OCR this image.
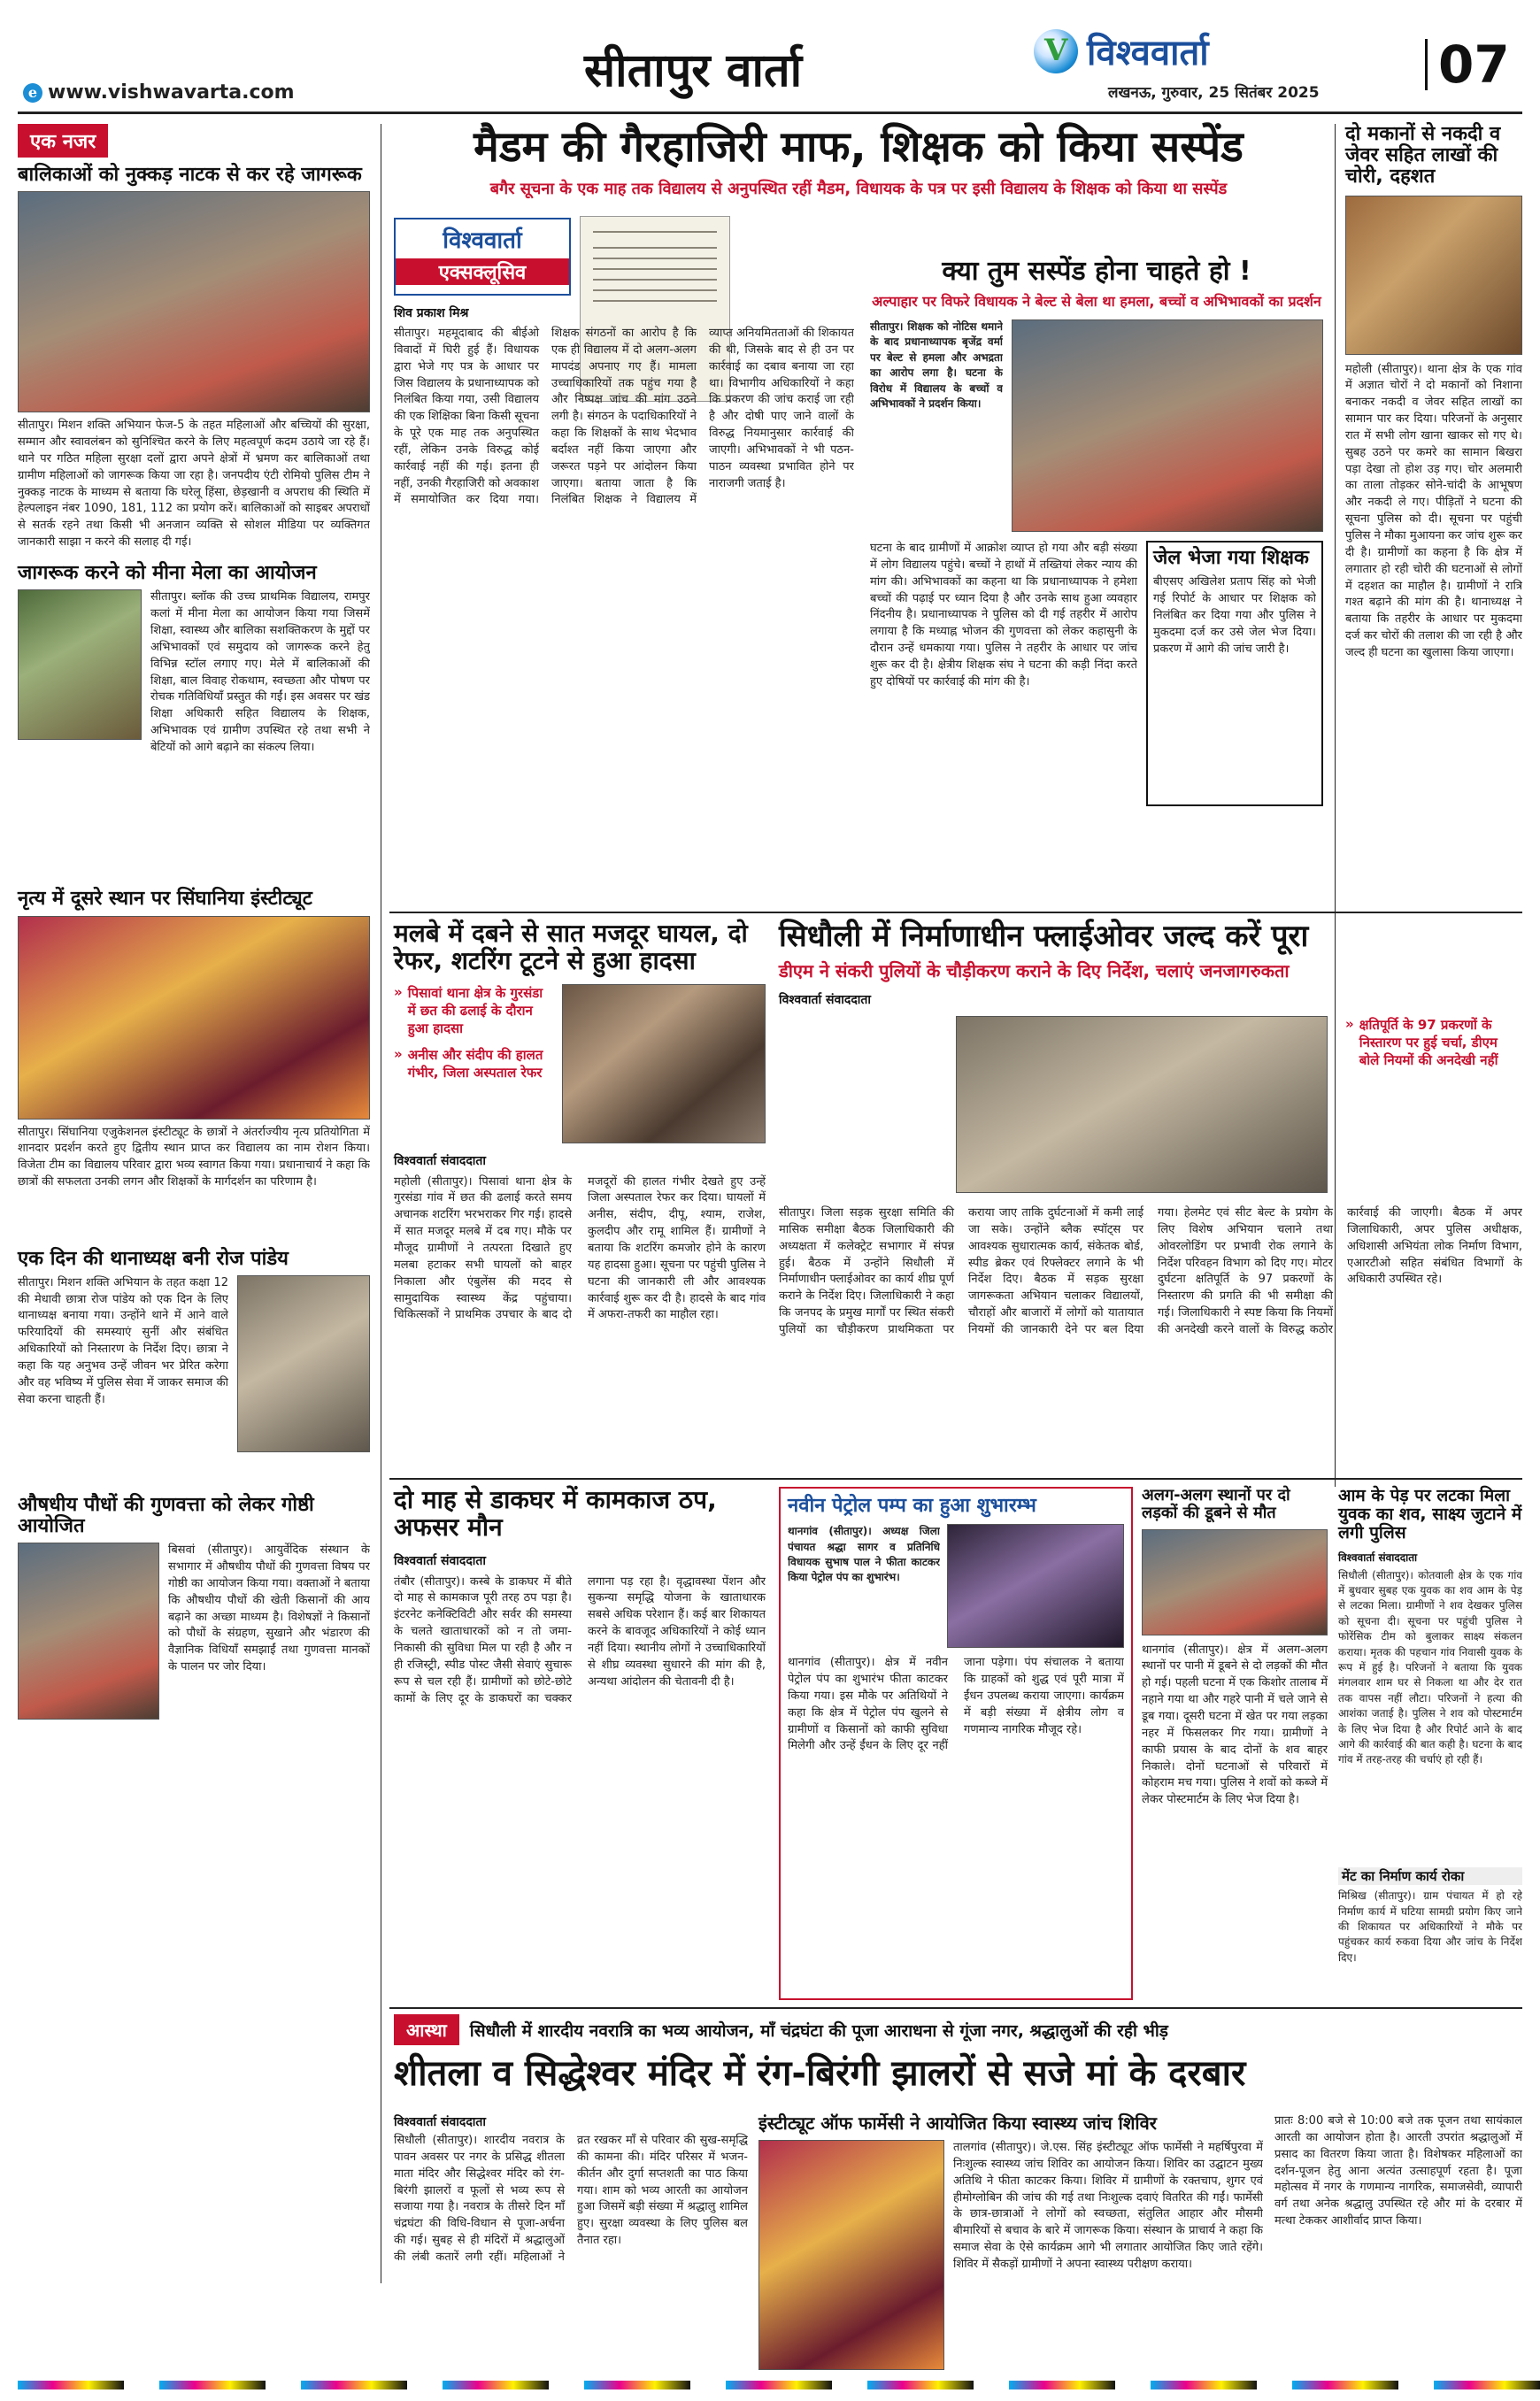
e www.vishwavarta.com	सीतापुर वार्ता	V विश्ववार्ता
लखनऊ, गुरुवार, 25 सितंबर 2025 07
एक नजर
बालिकाओं को नुक्कड़ नाटक से कर रहे जागरूक
सीतापुर। मिशन शक्ति अभियान फेज-5 के तहत महिलाओं और बच्चियों की सुरक्षा, सम्मान और स्वावलंबन को सुनिश्चित करने के लिए महत्वपूर्ण कदम उठाये जा रहे हैं। थाने पर गठित महिला सुरक्षा दलों द्वारा अपने क्षेत्रों में भ्रमण कर बालिकाओं तथा ग्रामीण महिलाओं को जागरूक किया जा रहा है। जनपदीय एंटी रोमियो पुलिस टीम ने नुक्कड़ नाटक के माध्यम से बताया कि घरेलू हिंसा, छेड़खानी व अपराध की स्थिति में हेल्पलाइन नंबर 1090, 181, 112 का प्रयोग करें। बालिकाओं को साइबर अपराधों से सतर्क रहने तथा किसी भी अनजान व्यक्ति से सोशल मीडिया पर व्यक्तिगत जानकारी साझा न करने की सलाह दी गई।
जागरूक करने को मीना मेला का आयोजन
सीतापुर। ब्लॉक की उच्च प्राथमिक विद्यालय, रामपुर कलां में मीना मेला का आयोजन किया गया जिसमें शिक्षा, स्वास्थ्य और बालिका सशक्तिकरण के मुद्दों पर अभिभावकों एवं समुदाय को जागरूक करने हेतु विभिन्न स्टॉल लगाए गए। मेले में बालिकाओं की शिक्षा, बाल विवाह रोकथाम, स्वच्छता और पोषण पर रोचक गतिविधियाँ प्रस्तुत की गईं। इस अवसर पर खंड शिक्षा अधिकारी सहित विद्यालय के शिक्षक, अभिभावक एवं ग्रामीण उपस्थित रहे तथा सभी ने बेटियों को आगे बढ़ाने का संकल्प लिया।
नृत्य में दूसरे स्थान पर सिंघानिया इंस्टीट्यूट
सीतापुर। सिंघानिया एजुकेशनल इंस्टीट्यूट के छात्रों ने अंतर्राज्यीय नृत्य प्रतियोगिता में शानदार प्रदर्शन करते हुए द्वितीय स्थान प्राप्त कर विद्यालय का नाम रोशन किया। विजेता टीम का विद्यालय परिवार द्वारा भव्य स्वागत किया गया। प्रधानाचार्य ने कहा कि छात्रों की सफलता उनकी लगन और शिक्षकों के मार्गदर्शन का परिणाम है।
एक दिन की थानाध्यक्ष बनी रोज पांडेय
सीतापुर। मिशन शक्ति अभियान के तहत कक्षा 12 की मेधावी छात्रा रोज पांडेय को एक दिन के लिए थानाध्यक्ष बनाया गया। उन्होंने थाने में आने वाले फरियादियों की समस्याएं सुनीं और संबंधित अधिकारियों को निस्तारण के निर्देश दिए। छात्रा ने कहा कि यह अनुभव उन्हें जीवन भर प्रेरित करेगा और वह भविष्य में पुलिस सेवा में जाकर समाज की सेवा करना चाहती हैं।
औषधीय पौधों की गुणवत्ता को लेकर गोष्ठी आयोजित
बिसवां (सीतापुर)। आयुर्वेदिक संस्थान के सभागार में औषधीय पौधों की गुणवत्ता विषय पर गोष्ठी का आयोजन किया गया। वक्ताओं ने बताया कि औषधीय पौधों की खेती किसानों की आय बढ़ाने का अच्छा माध्यम है। विशेषज्ञों ने किसानों को पौधों के संग्रहण, सुखाने और भंडारण की वैज्ञानिक विधियाँ समझाईं तथा गुणवत्ता मानकों के पालन पर जोर दिया।
मैडम की गैरहाजिरी माफ, शिक्षक को किया सस्पेंड
बगैर सूचना के एक माह तक विद्यालय से अनुपस्थित रहीं मैडम, विधायक के पत्र पर इसी विद्यालय के शिक्षक को किया था सस्पेंड
विश्ववार्ता
एक्सक्लूसिव
शिव प्रकाश मिश्र
सीतापुर। महमूदाबाद की बीईओ विवादों में घिरी हुई हैं। विधायक द्वारा भेजे गए पत्र के आधार पर जिस विद्यालय के प्रधानाध्यापक को निलंबित किया गया, उसी विद्यालय की एक शिक्षिका बिना किसी सूचना के पूरे एक माह तक अनुपस्थित रहीं, लेकिन उनके विरुद्ध कोई कार्रवाई नहीं की गई। इतना ही नहीं, उनकी गैरहाजिरी को अवकाश में समायोजित कर दिया गया। शिक्षक संगठनों का आरोप है कि एक ही विद्यालय में दो अलग-अलग मापदंड अपनाए गए हैं। मामला उच्चाधिकारियों तक पहुंच गया है और निष्पक्ष जांच की मांग उठने लगी है। संगठन के पदाधिकारियों ने कहा कि शिक्षकों के साथ भेदभाव बर्दाश्त नहीं किया जाएगा और जरूरत पड़ने पर आंदोलन किया जाएगा। बताया जाता है कि निलंबित शिक्षक ने विद्यालय में व्याप्त अनियमितताओं की शिकायत की थी, जिसके बाद से ही उन पर कार्रवाई का दबाव बनाया जा रहा था। विभागीय अधिकारियों ने कहा कि प्रकरण की जांच कराई जा रही है और दोषी पाए जाने वालों के विरुद्ध नियमानुसार कार्रवाई की जाएगी। अभिभावकों ने भी पठन-पाठन व्यवस्था प्रभावित होने पर नाराजगी जताई है।
क्या तुम सस्पेंड होना चाहते हो !
अल्पाहार पर विफरे विधायक ने बेल्ट से बेला था हमला, बच्चों व अभिभावकों का प्रदर्शन
सीतापुर। शिक्षक को नोटिस थमाने के बाद प्रधानाध्यापक बृजेंद्र वर्मा पर बेल्ट से हमला और अभद्रता का आरोप लगा है। घटना के विरोध में विद्यालय के बच्चों व अभिभावकों ने प्रदर्शन किया।
घटना के बाद ग्रामीणों में आक्रोश व्याप्त हो गया और बड़ी संख्या में लोग विद्यालय पहुंचे। बच्चों ने हाथों में तख्तियां लेकर न्याय की मांग की। अभिभावकों का कहना था कि प्रधानाध्यापक ने हमेशा बच्चों की पढ़ाई पर ध्यान दिया है और उनके साथ हुआ व्यवहार निंदनीय है। प्रधानाध्यापक ने पुलिस को दी गई तहरीर में आरोप लगाया है कि मध्याह्न भोजन की गुणवत्ता को लेकर कहासुनी के दौरान उन्हें धमकाया गया। पुलिस ने तहरीर के आधार पर जांच शुरू कर दी है। क्षेत्रीय शिक्षक संघ ने घटना की कड़ी निंदा करते हुए दोषियों पर कार्रवाई की मांग की है।
जेल भेजा गया शिक्षक
बीएसए अखिलेश प्रताप सिंह को भेजी गई रिपोर्ट के आधार पर शिक्षक को निलंबित कर दिया गया और पुलिस ने मुकदमा दर्ज कर उसे जेल भेज दिया। प्रकरण में आगे की जांच जारी है।
दो मकानों से नकदी व जेवर सहित लाखों की चोरी, दहशत
महोली (सीतापुर)। थाना क्षेत्र के एक गांव में अज्ञात चोरों ने दो मकानों को निशाना बनाकर नकदी व जेवर सहित लाखों का सामान पार कर दिया। परिजनों के अनुसार रात में सभी लोग खाना खाकर सो गए थे। सुबह उठने पर कमरे का सामान बिखरा पड़ा देखा तो होश उड़ गए। चोर अलमारी का ताला तोड़कर सोने-चांदी के आभूषण और नकदी ले गए। पीड़ितों ने घटना की सूचना पुलिस को दी। सूचना पर पहुंची पुलिस ने मौका मुआयना कर जांच शुरू कर दी है। ग्रामीणों का कहना है कि क्षेत्र में लगातार हो रही चोरी की घटनाओं से लोगों में दहशत का माहौल है। ग्रामीणों ने रात्रि गश्त बढ़ाने की मांग की है। थानाध्यक्ष ने बताया कि तहरीर के आधार पर मुकदमा दर्ज कर चोरों की तलाश की जा रही है और जल्द ही घटना का खुलासा किया जाएगा।
मलबे में दबने से सात मजदूर घायल, दो रेफर, शटरिंग टूटने से हुआ हादसा
» पिसावां थाना क्षेत्र के गुरसंडा में छत की ढलाई के दौरान हुआ हादसा
» अनीस और संदीप की हालत गंभीर, जिला अस्पताल रेफर
विश्ववार्ता संवाददाता
महोली (सीतापुर)। पिसावां थाना क्षेत्र के गुरसंडा गांव में छत की ढलाई करते समय अचानक शटरिंग भरभराकर गिर गई। हादसे में सात मजदूर मलबे में दब गए। मौके पर मौजूद ग्रामीणों ने तत्परता दिखाते हुए मलबा हटाकर सभी घायलों को बाहर निकाला और एंबुलेंस की मदद से सामुदायिक स्वास्थ्य केंद्र पहुंचाया। चिकित्सकों ने प्राथमिक उपचार के बाद दो मजदूरों की हालत गंभीर देखते हुए उन्हें जिला अस्पताल रेफर कर दिया। घायलों में अनीस, संदीप, दीपू, श्याम, राजेश, कुलदीप और रामू शामिल हैं। ग्रामीणों ने बताया कि शटरिंग कमजोर होने के कारण यह हादसा हुआ। सूचना पर पहुंची पुलिस ने घटना की जानकारी ली और आवश्यक कार्रवाई शुरू कर दी है। हादसे के बाद गांव में अफरा-तफरी का माहौल रहा।
सिधौली में निर्माणाधीन फ्लाईओवर जल्द करें पूरा
डीएम ने संकरी पुलियों के चौड़ीकरण कराने के दिए निर्देश, चलाएं जनजागरुकता
विश्ववार्ता संवाददाता
» क्षतिपूर्ति के 97 प्रकरणों के निस्तारण पर हुई चर्चा, डीएम बोले नियमों की अनदेखी नहीं
सीतापुर। जिला सड़क सुरक्षा समिति की मासिक समीक्षा बैठक जिलाधिकारी की अध्यक्षता में कलेक्ट्रेट सभागार में संपन्न हुई। बैठक में उन्होंने सिधौली में निर्माणाधीन फ्लाईओवर का कार्य शीघ्र पूर्ण कराने के निर्देश दिए। जिलाधिकारी ने कहा कि जनपद के प्रमुख मार्गों पर स्थित संकरी पुलियों का चौड़ीकरण प्राथमिकता पर कराया जाए ताकि दुर्घटनाओं में कमी लाई जा सके। उन्होंने ब्लैक स्पॉट्स पर आवश्यक सुधारात्मक कार्य, संकेतक बोर्ड, स्पीड ब्रेकर एवं रिफ्लेक्टर लगाने के भी निर्देश दिए। बैठक में सड़क सुरक्षा जागरूकता अभियान चलाकर विद्यालयों, चौराहों और बाजारों में लोगों को यातायात नियमों की जानकारी देने पर बल दिया गया। हेलमेट एवं सीट बेल्ट के प्रयोग के लिए विशेष अभियान चलाने तथा ओवरलोडिंग पर प्रभावी रोक लगाने के निर्देश परिवहन विभाग को दिए गए। मोटर दुर्घटना क्षतिपूर्ति के 97 प्रकरणों के निस्तारण की प्रगति की भी समीक्षा की गई। जिलाधिकारी ने स्पष्ट किया कि नियमों की अनदेखी करने वालों के विरुद्ध कठोर कार्रवाई की जाएगी। बैठक में अपर जिलाधिकारी, अपर पुलिस अधीक्षक, अधिशासी अभियंता लोक निर्माण विभाग, एआरटीओ सहित संबंधित विभागों के अधिकारी उपस्थित रहे।
दो माह से डाकघर में कामकाज ठप, अफसर मौन
विश्ववार्ता संवाददाता
तंबौर (सीतापुर)। कस्बे के डाकघर में बीते दो माह से कामकाज पूरी तरह ठप पड़ा है। इंटरनेट कनेक्टिविटी और सर्वर की समस्या के चलते खाताधारकों को न तो जमा-निकासी की सुविधा मिल पा रही है और न ही रजिस्ट्री, स्पीड पोस्ट जैसी सेवाएं सुचारू रूप से चल रही हैं। ग्रामीणों को छोटे-छोटे कामों के लिए दूर के डाकघरों का चक्कर लगाना पड़ रहा है। वृद्धावस्था पेंशन और सुकन्या समृद्धि योजना के खाताधारक सबसे अधिक परेशान हैं। कई बार शिकायत करने के बावजूद अधिकारियों ने कोई ध्यान नहीं दिया। स्थानीय लोगों ने उच्चाधिकारियों से शीघ्र व्यवस्था सुधारने की मांग की है, अन्यथा आंदोलन की चेतावनी दी है।
नवीन पेट्रोल पम्प का हुआ शुभारम्भ
थानगांव (सीतापुर)। अध्यक्ष जिला पंचायत श्रद्धा सागर व प्रतिनिधि विधायक सुभाष पाल ने फीता काटकर किया पेट्रोल पंप का शुभारंभ।
थानगांव (सीतापुर)। क्षेत्र में नवीन पेट्रोल पंप का शुभारंभ फीता काटकर किया गया। इस मौके पर अतिथियों ने कहा कि क्षेत्र में पेट्रोल पंप खुलने से ग्रामीणों व किसानों को काफी सुविधा मिलेगी और उन्हें ईंधन के लिए दूर नहीं जाना पड़ेगा। पंप संचालक ने बताया कि ग्राहकों को शुद्ध एवं पूरी मात्रा में ईंधन उपलब्ध कराया जाएगा। कार्यक्रम में बड़ी संख्या में क्षेत्रीय लोग व गणमान्य नागरिक मौजूद रहे।
अलग-अलग स्थानों पर दो लड़कों की डूबने से मौत
थानगांव (सीतापुर)। क्षेत्र में अलग-अलग स्थानों पर पानी में डूबने से दो लड़कों की मौत हो गई। पहली घटना में एक किशोर तालाब में नहाने गया था और गहरे पानी में चले जाने से डूब गया। दूसरी घटना में खेत पर गया लड़का नहर में फिसलकर गिर गया। ग्रामीणों ने काफी प्रयास के बाद दोनों के शव बाहर निकाले। दोनों घटनाओं से परिवारों में कोहराम मच गया। पुलिस ने शवों को कब्जे में लेकर पोस्टमार्टम के लिए भेज दिया है।
आम के पेड़ पर लटका मिला युवक का शव, साक्ष्य जुटाने में लगी पुलिस
विश्ववार्ता संवाददाता
सिधौली (सीतापुर)। कोतवाली क्षेत्र के एक गांव में बुधवार सुबह एक युवक का शव आम के पेड़ से लटका मिला। ग्रामीणों ने शव देखकर पुलिस को सूचना दी। सूचना पर पहुंची पुलिस ने फोरेंसिक टीम को बुलाकर साक्ष्य संकलन कराया। मृतक की पहचान गांव निवासी युवक के रूप में हुई है। परिजनों ने बताया कि युवक मंगलवार शाम घर से निकला था और देर रात तक वापस नहीं लौटा। परिजनों ने हत्या की आशंका जताई है। पुलिस ने शव को पोस्टमार्टम के लिए भेज दिया है और रिपोर्ट आने के बाद आगे की कार्रवाई की बात कही है। घटना के बाद गांव में तरह-तरह की चर्चाएं हो रही हैं।
मेंट का निर्माण कार्य रोका
मिश्रिख (सीतापुर)। ग्राम पंचायत में हो रहे निर्माण कार्य में घटिया सामग्री प्रयोग किए जाने की शिकायत पर अधिकारियों ने मौके पर पहुंचकर कार्य रुकवा दिया और जांच के निर्देश दिए।
आस्था	सिधौली में शारदीय नवरात्रि का भव्य आयोजन, माँ चंद्रघंटा की पूजा आराधना से गूंजा नगर, श्रद्धालुओं की रही भीड़
शीतला व सिद्धेश्वर मंदिर में रंग-बिरंगी झालरों से सजे मां के दरबार
विश्ववार्ता संवाददाता
सिधौली (सीतापुर)। शारदीय नवरात्र के पावन अवसर पर नगर के प्रसिद्ध शीतला माता मंदिर और सिद्धेश्वर मंदिर को रंग-बिरंगी झालरों व फूलों से भव्य रूप से सजाया गया है। नवरात्र के तीसरे दिन माँ चंद्रघंटा की विधि-विधान से पूजा-अर्चना की गई। सुबह से ही मंदिरों में श्रद्धालुओं की लंबी कतारें लगी रहीं। महिलाओं ने व्रत रखकर माँ से परिवार की सुख-समृद्धि की कामना की। मंदिर परिसर में भजन-कीर्तन और दुर्गा सप्तशती का पाठ किया गया। शाम को भव्य आरती का आयोजन हुआ जिसमें बड़ी संख्या में श्रद्धालु शामिल हुए। सुरक्षा व्यवस्था के लिए पुलिस बल तैनात रहा।
इंस्टीट्यूट ऑफ फार्मेसी ने आयोजित किया स्वास्थ्य जांच शिविर
तालगांव (सीतापुर)। जे.एस. सिंह इंस्टीट्यूट ऑफ फार्मेसी ने महर्षिपुरवा में निःशुल्क स्वास्थ्य जांच शिविर का आयोजन किया। शिविर का उद्घाटन मुख्य अतिथि ने फीता काटकर किया। शिविर में ग्रामीणों के रक्तचाप, शुगर एवं हीमोग्लोबिन की जांच की गई तथा निःशुल्क दवाएं वितरित की गईं। फार्मेसी के छात्र-छात्राओं ने लोगों को स्वच्छता, संतुलित आहार और मौसमी बीमारियों से बचाव के बारे में जागरूक किया। संस्थान के प्राचार्य ने कहा कि समाज सेवा के ऐसे कार्यक्रम आगे भी लगातार आयोजित किए जाते रहेंगे। शिविर में सैकड़ों ग्रामीणों ने अपना स्वास्थ्य परीक्षण कराया।
प्रातः 8:00 बजे से 10:00 बजे तक पूजन तथा सायंकाल आरती का आयोजन होता है। आरती उपरांत श्रद्धालुओं में प्रसाद का वितरण किया जाता है। विशेषकर महिलाओं का दर्शन-पूजन हेतु आना अत्यंत उत्साहपूर्ण रहता है। पूजा महोत्सव में नगर के गणमान्य नागरिक, समाजसेवी, व्यापारी वर्ग तथा अनेक श्रद्धालु उपस्थित रहे और मां के दरबार में मत्था टेककर आशीर्वाद प्राप्त किया।
